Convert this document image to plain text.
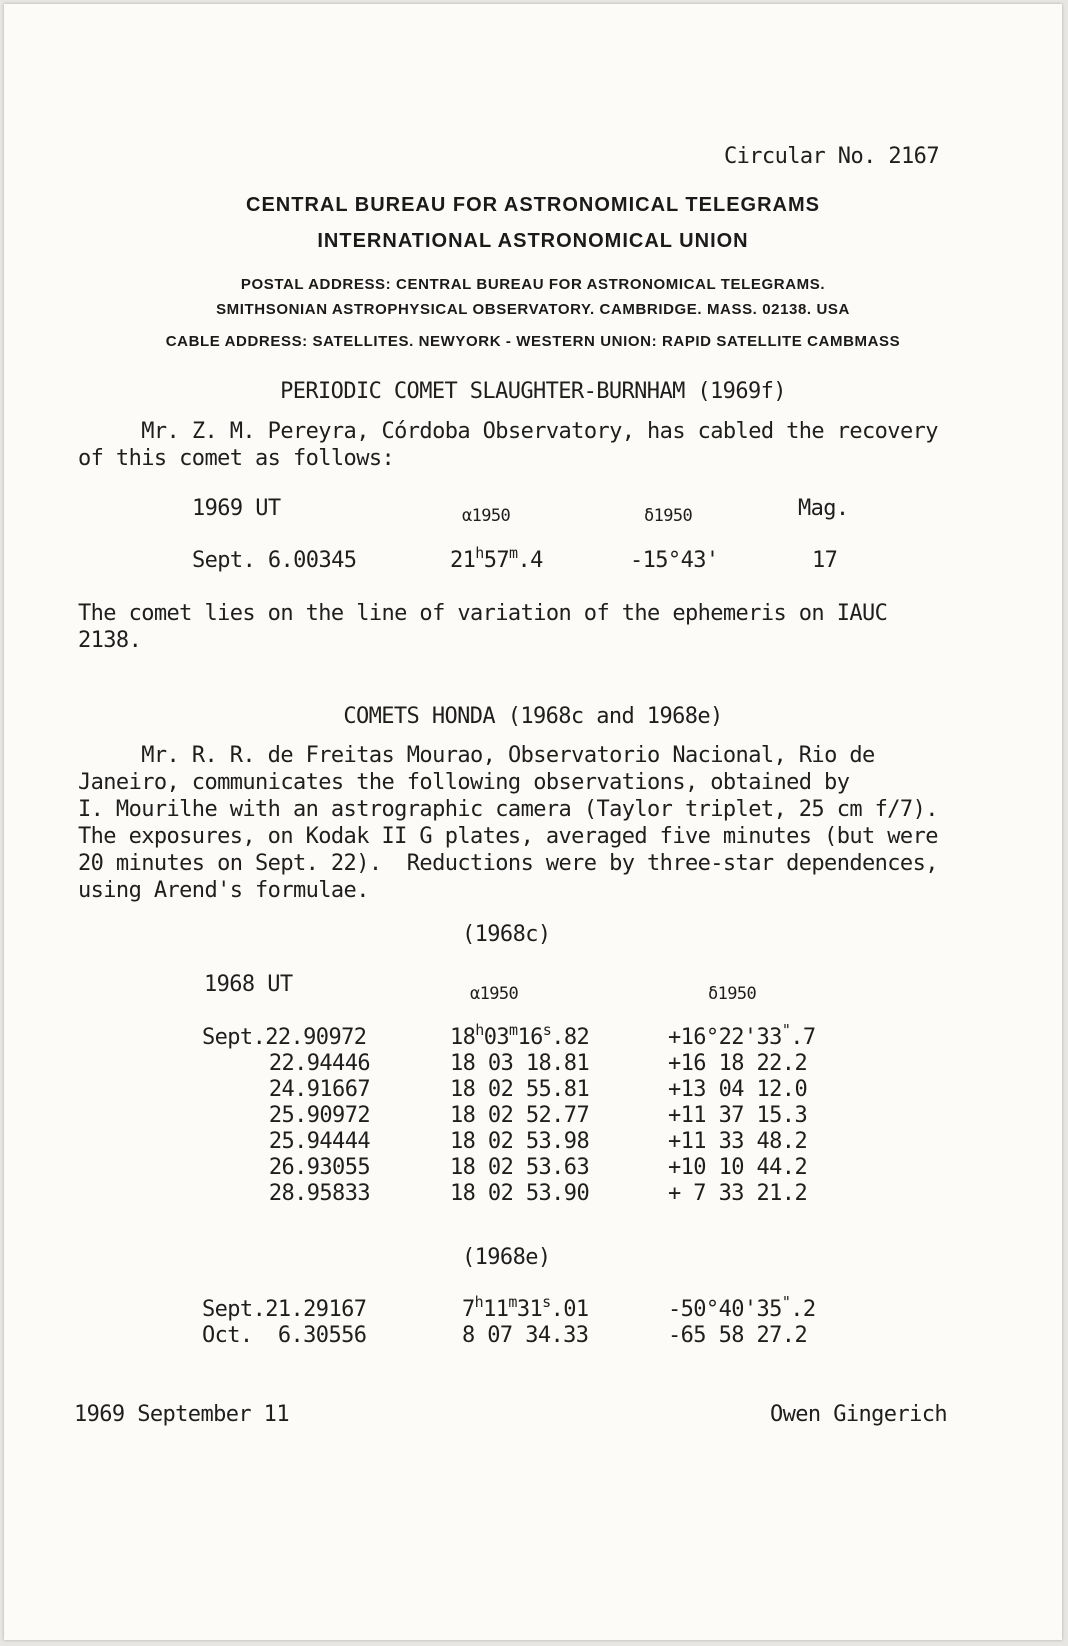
Circular No. 2167
CENTRAL BUREAU FOR ASTRONOMICAL TELEGRAMS
INTERNATIONAL ASTRONOMICAL UNION
POSTAL ADDRESS: CENTRAL BUREAU FOR ASTRONOMICAL TELEGRAMS.
SMITHSONIAN ASTROPHYSICAL OBSERVATORY. CAMBRIDGE. MASS. 02138. USA
CABLE ADDRESS: SATELLITES. NEWYORK - WESTERN UNION: RAPID SATELLITE CAMBMASS
PERIODIC COMET SLAUGHTER-BURNHAM (1969f)

Mr. Z. M. Pereyra, Córdoba Observatory, has cabled the recovery
of this comet as follows:

1969 UT	α1950	δ1950	Mag.
Sept. 6.00345	21$^h$57$^m$.4	-15°43'	17

The comet lies on the line of variation of the ephemeris on IAUC
2138.

COMETS HONDA (1968c and 1968e)

Mr. R. R. de Freitas Mourao, Observatorio Nacional, Rio de
Janeiro, communicates the following observations, obtained by
I. Mourilhe with an astrographic camera (Taylor triplet, 25 cm f/7).
The exposures, on Kodak II G plates, averaged five minutes (but were
20 minutes on Sept. 22).  Reductions were by three-star dependences,
using Arend's formulae.

(1968c)
1968 UT	α1950	δ1950
Sept.22.90972	$18^h03^m16^s.82$	+16°22'33".7
22.94446	18 03 18.81	+16 18 22.2
24.91667	18 02 55.81	+13 04 12.0
25.90972	18 02 52.77	+11 37 15.3
25.94444	18 02 53.98	+11 33 48.2
26.93055	18 02 53.63	+10 10 44.2
28.95833	18 02 53.90	+ 7 33 21.2
(1968e)
Sept.21.29167	7$^h$11$^m$31$^s$.01	-50°40'35".2
Oct.  6.30556	8 07 34.33	-65 58 27.2
1969 September 11	Owen Gingerich
